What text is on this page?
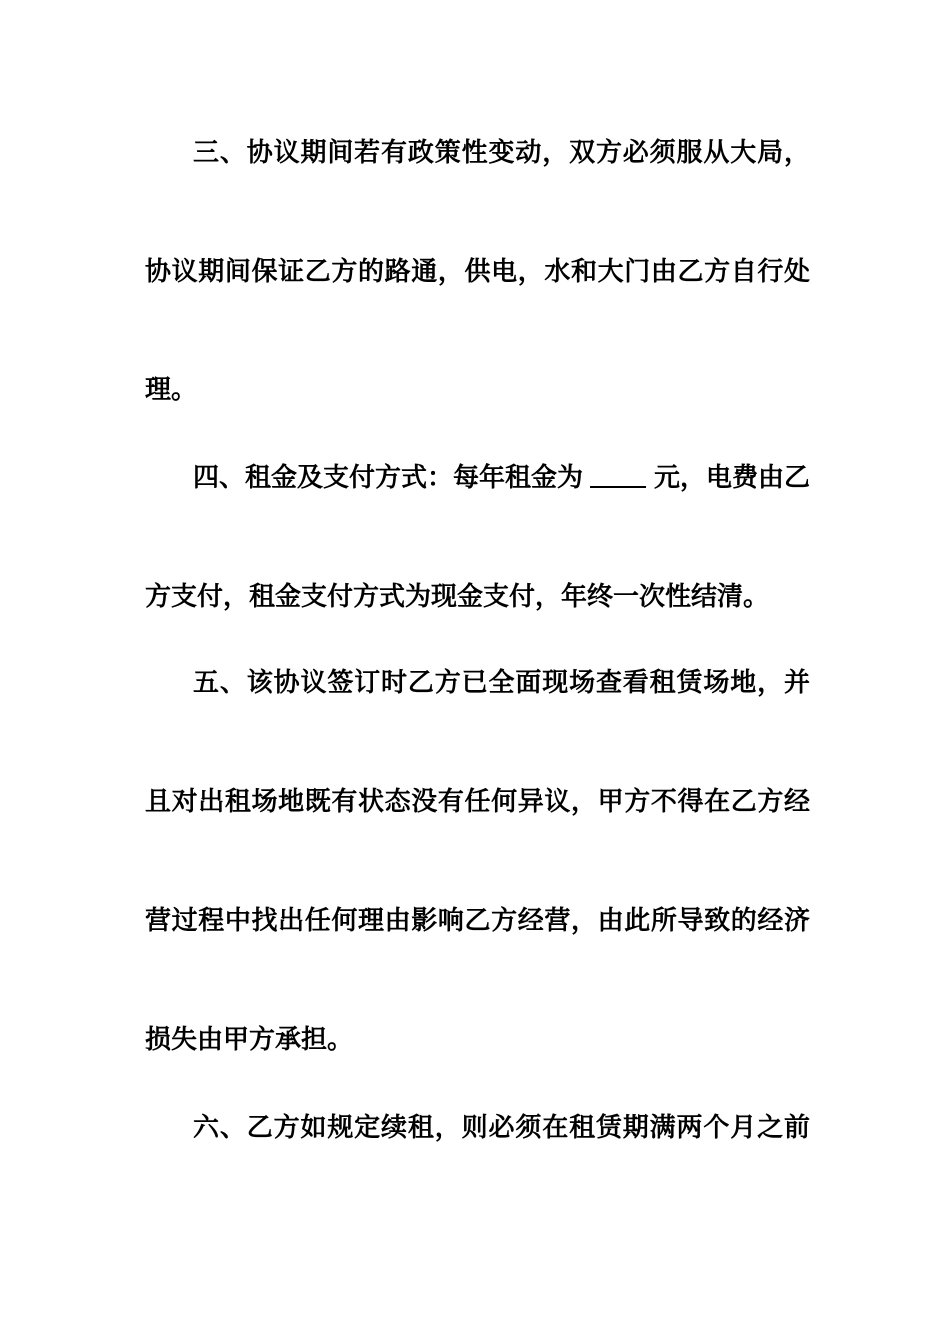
三、协议期间若有政策性变动，双方必须服从大局，
协议期间保证乙方的路通，供电，水和大门由乙方自行处
理。
四、租金及支付方式：每年租金为	元，电费由乙
方支付，租金支付方式为现金支付，年终一次性结清。
五、该协议签订时乙方已全面现场查看租赁场地，并
且对出租场地既有状态没有任何异议，甲方不得在乙方经
营过程中找出任何理由影响乙方经营，由此所导致的经济
损失由甲方承担。
六、乙方如规定续租，则必须在租赁期满两个月之前
